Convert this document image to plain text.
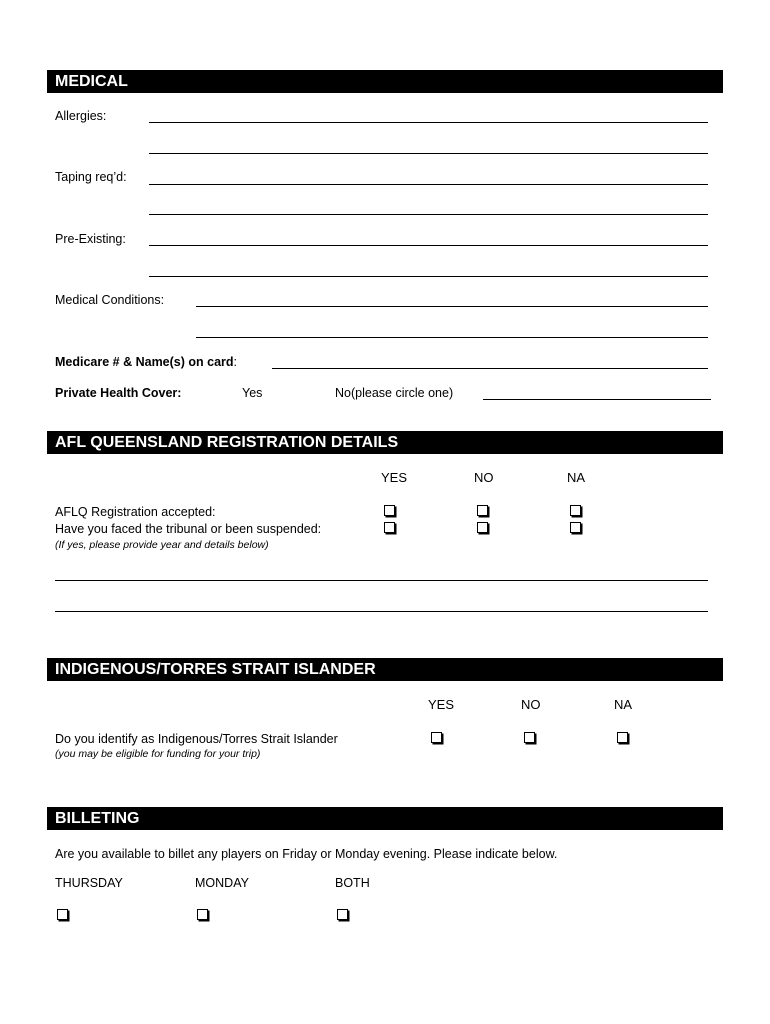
MEDICAL
Allergies:
Taping req’d:
Pre-Existing:
Medical Conditions:
Medicare # & Name(s) on card:
Private Health Cover:	Yes	No(please circle one)
AFL QUEENSLAND REGISTRATION DETAILS
YES	NO	NA
AFLQ Registration accepted:
Have you faced the tribunal or been suspended:
(If yes, please provide year and details below)
INDIGENOUS/TORRES STRAIT ISLANDER
YES	NO	NA
Do you identify as Indigenous/Torres Strait Islander
(you may be eligible for funding for your trip)
BILLETING
Are you available to billet any players on Friday or Monday evening. Please indicate below.
THURSDAY	MONDAY	BOTH
